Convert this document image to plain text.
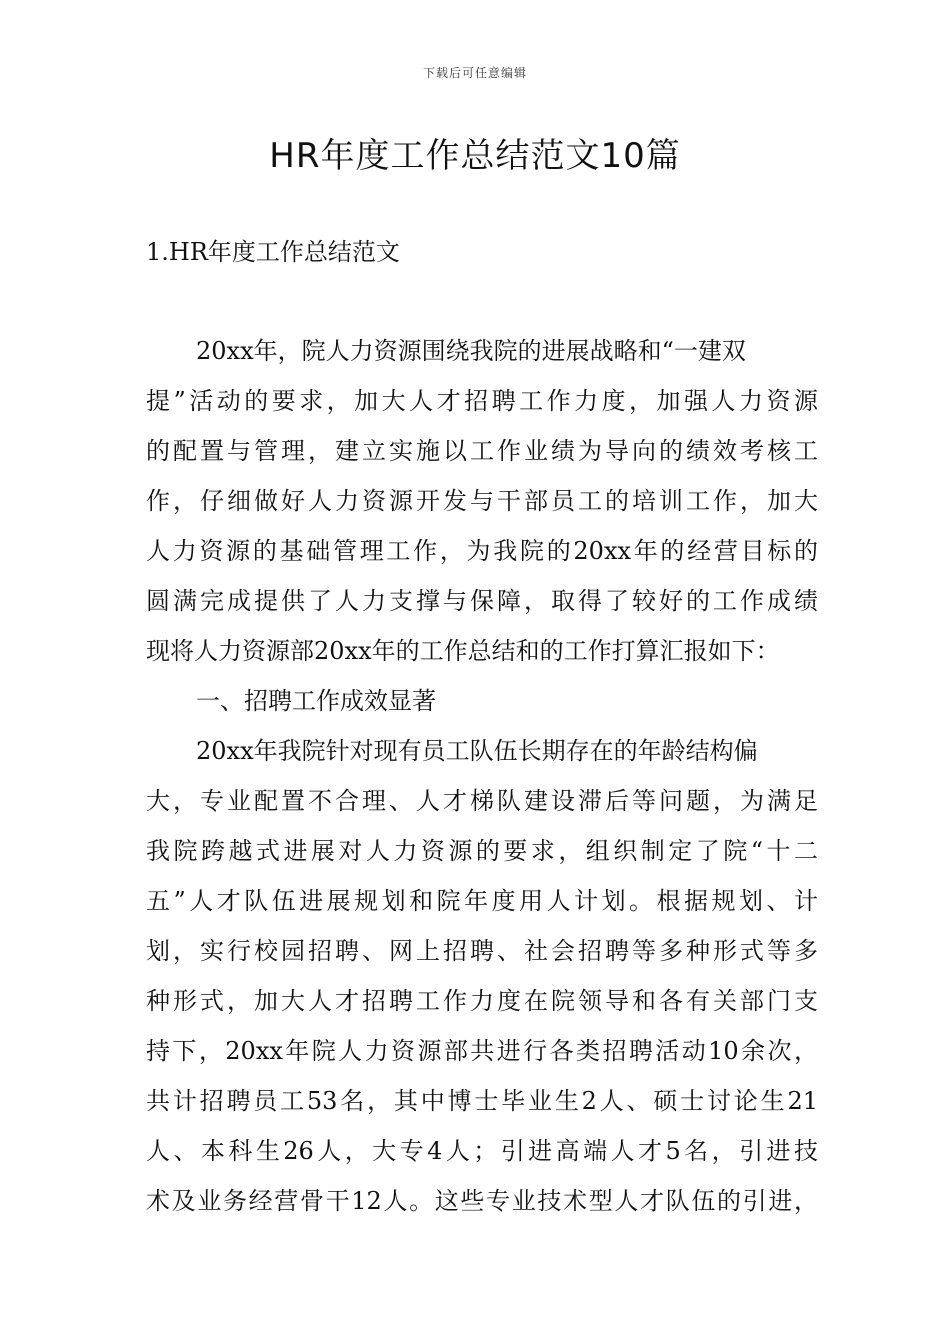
下载后可任意编辑
HR年度工作总结范文10篇
1.HR年度工作总结范文
20xx年，院人力资源围绕我院的进展战略和“一建双
提”活动的要求，加大人才招聘工作力度，加强人力资源
的配置与管理，建立实施以工作业绩为导向的绩效考核工
作，仔细做好人力资源开发与干部员工的培训工作，加大
人力资源的基础管理工作，为我院的20xx年的经营目标的
圆满完成提供了人力支撑与保障，取得了较好的工作成绩
现将人力资源部20xx年的工作总结和的工作打算汇报如下：
一、招聘工作成效显著
20xx年我院针对现有员工队伍长期存在的年龄结构偏
大，专业配置不合理、人才梯队建设滞后等问题，为满足
我院跨越式进展对人力资源的要求，组织制定了院“十二
五”人才队伍进展规划和院年度用人计划。根据规划、计
划，实行校园招聘、网上招聘、社会招聘等多种形式等多
种形式，加大人才招聘工作力度在院领导和各有关部门支
持下，20xx年院人力资源部共进行各类招聘活动10余次，
共计招聘员工53名，其中博士毕业生2人、硕士讨论生21
人、本科生26人，大专4人；引进高端人才5名，引进技
术及业务经营骨干12人。这些专业技术型人才队伍的引进，
